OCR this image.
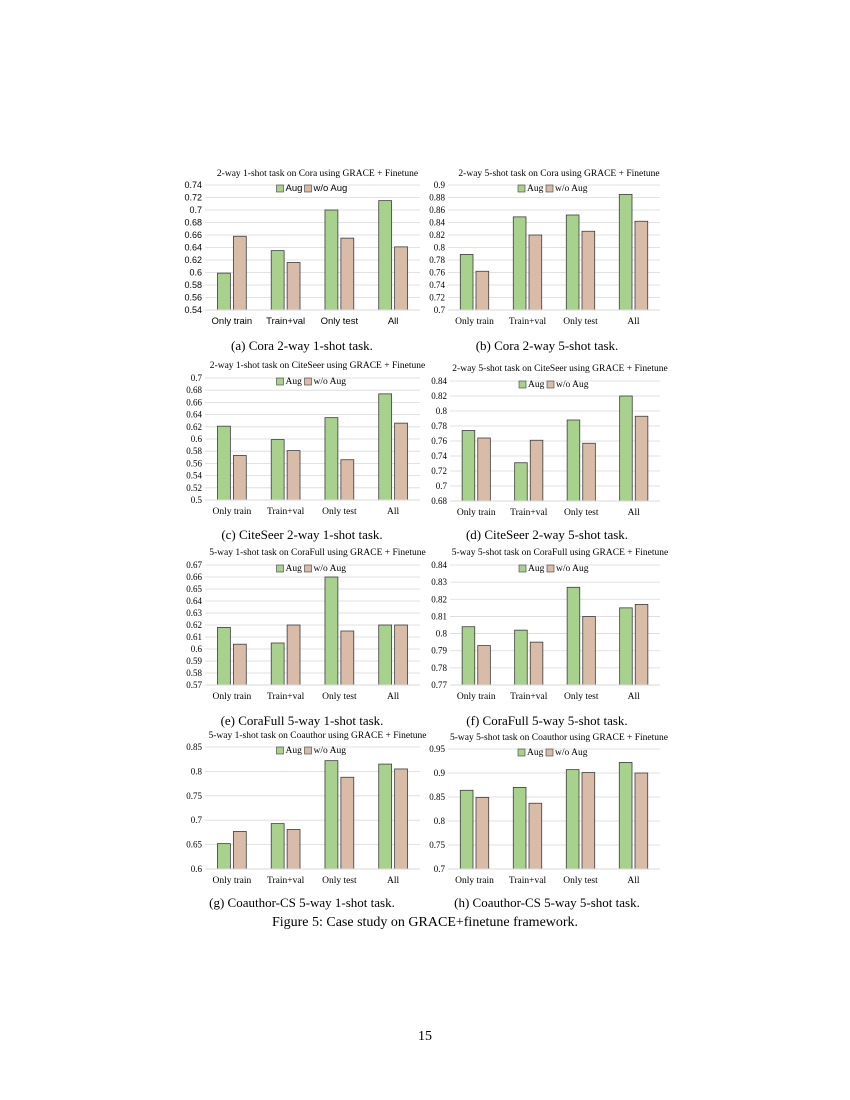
2-way 1-shot task on Cora using GRACE + Finetune
0.54
0.56
0.58
0.6
0.62
0.64
0.66
0.68
0.7
0.72
0.74
Only train Train+val Only test	All
Aug w/o Aug
(a) Cora 2-way 1-shot task.
2-way 5-shot task on Cora using GRACE + Finetune
0.7
0.72
0.74
0.76
0.78
0.8
0.82
0.84
0.86
0.88
0.9
Only train Train+val Only test	All
Aug w/o Aug
(b) Cora 2-way 5-shot task.
2-way 1-shot task on CiteSeer using GRACE + Finetune
0.5
0.52
0.54
0.56
0.58
0.6
0.62
0.64
0.66
0.68
0.7
Only train Train+val Only test	All
Aug w/o Aug
(c) CiteSeer 2-way 1-shot task.
2-way 5-shot task on CiteSeer using GRACE + Finetune
0.68
0.7
0.72
0.74
0.76
0.78
0.8
0.82
0.84
Only train Train+val Only test	All
Aug w/o Aug
(d) CiteSeer 2-way 5-shot task.
5-way 1-shot task on CoraFull using GRACE + Finetune
0.57
0.58
0.59
0.6
0.61
0.62
0.63
0.64
0.65
0.66
0.67
Only train Train+val Only test	All
Aug w/o Aug
(e) CoraFull 5-way 1-shot task.
5-way 5-shot task on CoraFull using GRACE + Finetune
0.77
0.78
0.79
0.8
0.81
0.82
0.83
0.84
Only train Train+val Only test	All
Aug w/o Aug
(f) CoraFull 5-way 5-shot task.
5-way 1-shot task on Coauthor using GRACE + Finetune
0.6
0.65
0.7
0.75
0.8
0.85
Only train Train+val Only test	All
Aug w/o Aug
(g) Coauthor-CS 5-way 1-shot task.
5-way 5-shot task on Coauthor using GRACE + Finetune
0.7
0.75
0.8
0.85
0.9
0.95
Only train Train+val Only test	All
Aug w/o Aug
(h) Coauthor-CS 5-way 5-shot task.
Figure 5: Case study on GRACE+finetune framework.
15
